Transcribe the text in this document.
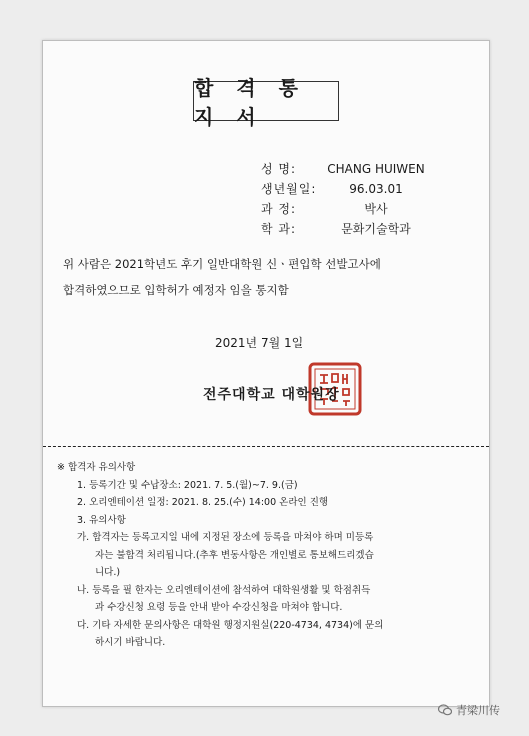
합 격 통 지 서
성 명:	CHANG HUIWEN
생년월일:	96.03.01
과 정:	박사
학 과:	문화기술학과
위 사람은 2021학년도 후기 일반대학원 신ㆍ편입학 선발고사에
합격하였으므로 입학허가 예정자 임을 통지함
2021년 7월 1일
전주대학교 대학원장
※ 합격자 유의사항
1. 등록기간 및 수납장소: 2021. 7. 5.(월)~7. 9.(금)
2. 오리엔테이션 일정: 2021. 8. 25.(수) 14:00 온라인 진행
3. 유의사항
가. 합격자는 등록고지일 내에 지정된 장소에 등록을 마쳐야 하며 미등록
자는 불합격 처리됩니다.(추후 변동사항은 개인별로 통보해드리겠습
니다.)
나. 등록을 필 한자는 오리엔테이션에 참석하여 대학원생활 및 학점취득
과 수강신청 요령 등을 안내 받아 수강신청을 마쳐야 합니다.
다. 기타 자세한 문의사항은 대학원 행정지원실(220-4734, 4734)에 문의
하시기 바랍니다.
青梁川传
